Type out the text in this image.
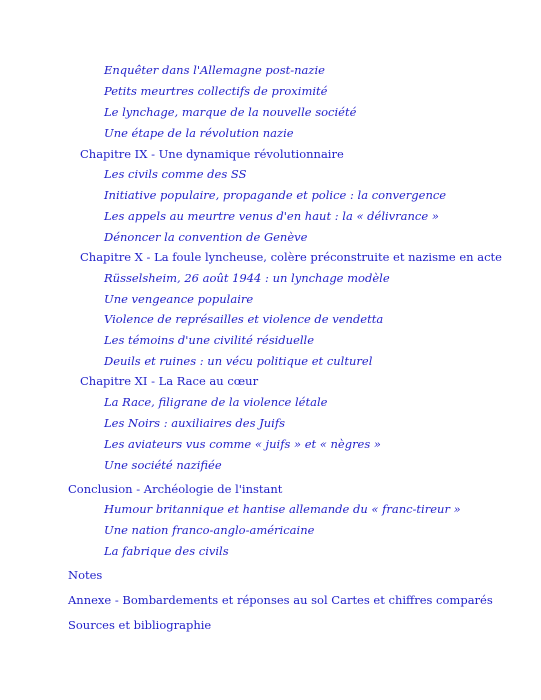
Enquêter dans l'Allemagne post-nazie
Petits meurtres collectifs de proximité
Le lynchage, marque de la nouvelle société
Une étape de la révolution nazie
Chapitre IX - Une dynamique révolutionnaire
Les civils comme des SS
Initiative populaire, propagande et police : la convergence
Les appels au meurtre venus d'en haut : la « délivrance »
Dénoncer la convention de Genève
Chapitre X - La foule lyncheuse, colère préconstruite et nazisme en acte
Rüsselsheim, 26 août 1944 : un lynchage modèle
Une vengeance populaire
Violence de représailles et violence de vendetta
Les témoins d'une civilité résiduelle
Deuils et ruines : un vécu politique et culturel
Chapitre XI - La Race au cœur
La Race, filigrane de la violence létale
Les Noirs : auxiliaires des Juifs
Les aviateurs vus comme « juifs » et « nègres »
Une société nazifiée
Conclusion - Archéologie de l'instant
Humour britannique et hantise allemande du « franc-tireur »
Une nation franco-anglo-américaine
La fabrique des civils
Notes
Annexe - Bombardements et réponses au sol Cartes et chiffres comparés
Sources et bibliographie
